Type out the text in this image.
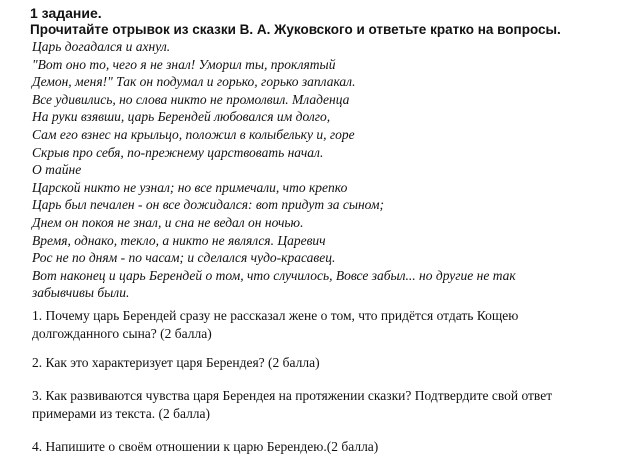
1 задание.
Прочитайте отрывок из сказки В. А. Жуковского и ответьте кратко на вопросы.
Царь догадался и ахнул.
"Вот оно то, чего я не знал! Уморил ты, проклятый
Демон, меня!" Так он подумал и горько, горько заплакал.
Все удивились, но слова никто не промолвил. Младенца
На руки взявши, царь Берендей любовался им долго,
Сам его взнес на крыльцо, положил в колыбельку и, горе
Скрыв про себя, по-прежнему царствовать начал.
О тайне
Царской никто не узнал; но все примечали, что крепко
Царь был печален - он все дожидался: вот придут за сыном;
Днем он покоя не знал, и сна не ведал он ночью.
Время, однако, текло, а никто не являлся. Царевич
Рос не по дням - по часам; и сделался чудо-красавец.
Вот наконец и царь Берендей о том, что случилось, Вовсе забыл... но другие не так
забывчивы были.
1. Почему царь Берендей сразу не рассказал жене о том, что придётся отдать Кощею
долгожданного сына? (2 балла)
2. Как это характеризует царя Берендея? (2 балла)
3. Как развиваются чувства царя Берендея на протяжении сказки? Подтвердите свой ответ
примерами из текста. (2 балла)
4. Напишите о своём отношении к царю Берендею.(2 балла)
